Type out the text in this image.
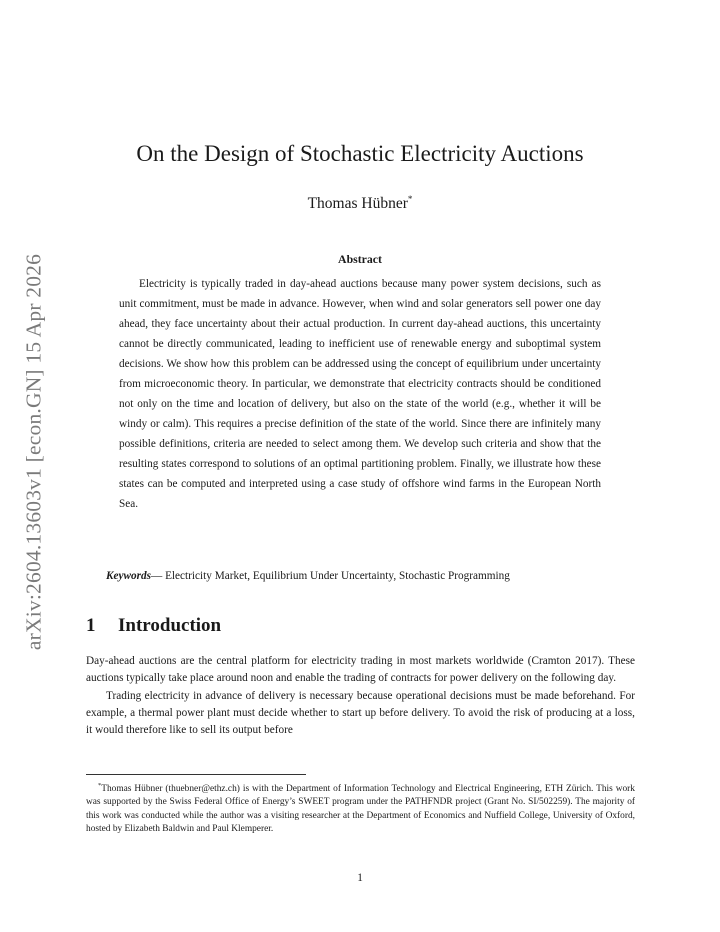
arXiv:2604.13603v1 [econ.GN] 15 Apr 2026
On the Design of Stochastic Electricity Auctions
Thomas Hübner*
Abstract

Electricity is typically traded in day-ahead auctions because many power system decisions, such as unit commitment, must be made in advance. However, when wind and solar generators sell power one day ahead, they face uncertainty about their actual production. In current day-ahead auctions, this uncertainty cannot be directly communicated, leading to inefficient use of renewable energy and suboptimal system decisions. We show how this problem can be addressed using the concept of equilibrium under uncertainty from microeconomic theory. In particular, we demonstrate that electricity contracts should be conditioned not only on the time and location of delivery, but also on the state of the world (e.g., whether it will be windy or calm). This requires a precise definition of the state of the world. Since there are infinitely many possible definitions, criteria are needed to select among them. We develop such criteria and show that the resulting states correspond to solutions of an optimal partitioning problem. Finally, we illustrate how these states can be computed and interpreted using a case study of offshore wind farms in the European North Sea.

Keywords— Electricity Market, Equilibrium Under Uncertainty, Stochastic Programming
1 Introduction

Day-ahead auctions are the central platform for electricity trading in most markets worldwide (Cramton 2017). These auctions typically take place around noon and enable the trading of contracts for power delivery on the following day.

Trading electricity in advance of delivery is necessary because operational decisions must be made beforehand. For example, a thermal power plant must decide whether to start up before delivery. To avoid the risk of producing at a loss, it would therefore like to sell its output before

*Thomas Hübner (thuebner@ethz.ch) is with the Department of Information Technology and Electrical Engineering, ETH Zürich. This work was supported by the Swiss Federal Office of Energy’s SWEET program under the PATHFNDR project (Grant No. SI/502259). The majority of this work was conducted while the author was a visiting researcher at the Department of Economics and Nuffield College, University of Oxford, hosted by Elizabeth Baldwin and Paul Klemperer.

1
